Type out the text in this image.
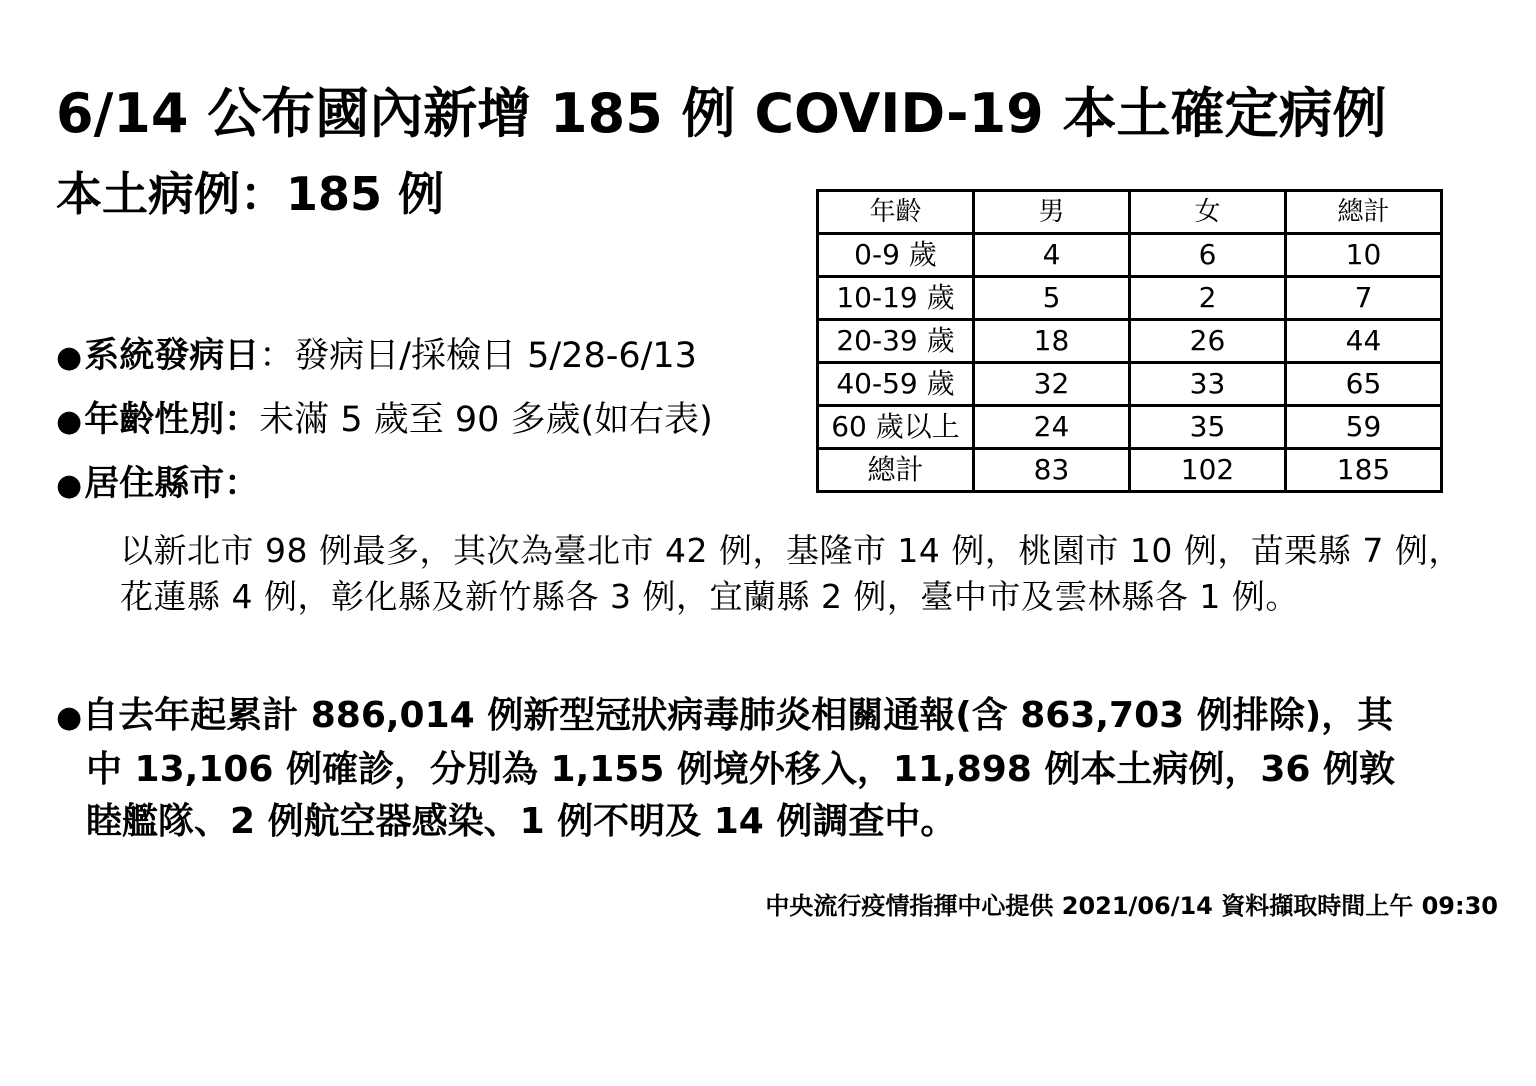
6/14 公布國內新增 185 例 COVID-19 本土確定病例
本土病例：185 例
●系統發病日：發病日/採檢日 5/28-6/13
●年齡性別：未滿 5 歲至 90 多歲(如右表)
●居住縣市：
以新北市 98 例最多，其次為臺北市 42 例，基隆市 14 例，桃園市 10 例，苗栗縣 7 例，花蓮縣 4 例，彰化縣及新竹縣各 3 例，宜蘭縣 2 例，臺中市及雲林縣各 1 例。
年齡	男	女	總計
0-9 歲	4	6	10
10-19 歲	5	2	7
20-39 歲	18	26	44
40-59 歲	32	33	65
60 歲以上	24	35	59
總計	83	102	185
●自去年起累計 886,014 例新型冠狀病毒肺炎相關通報(含 863,703 例排除)，其
中 13,106 例確診，分別為 1,155 例境外移入，11,898 例本土病例，36 例敦
睦艦隊、2 例航空器感染、1 例不明及 14 例調查中。
中央流行疫情指揮中心提供 2021/06/14 資料擷取時間上午 09:30
